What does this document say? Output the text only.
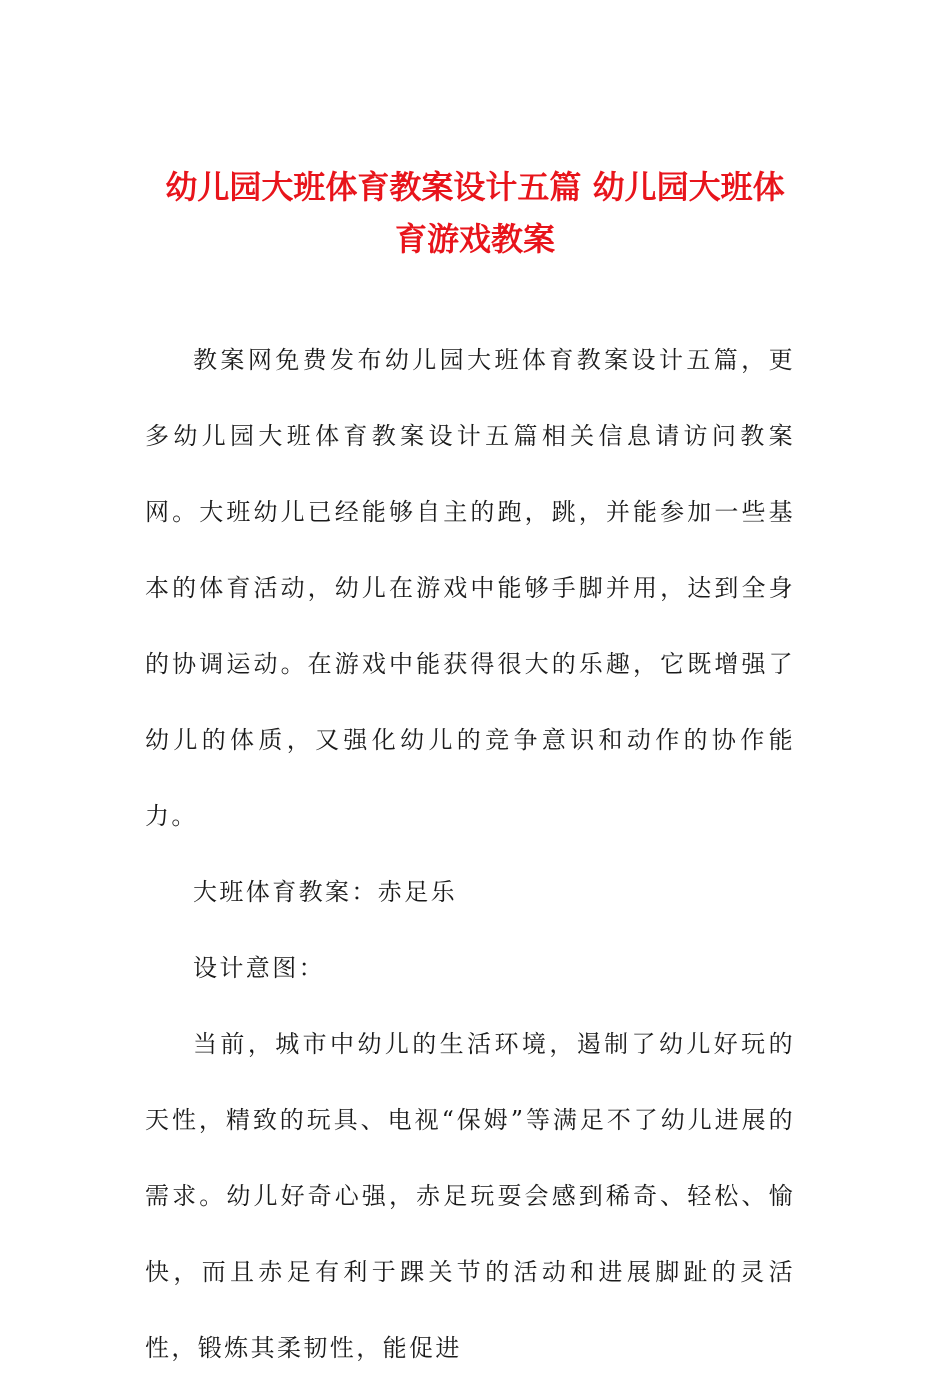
幼儿园大班体育教案设计五篇 幼儿园大班体
育游戏教案

教案网免费发布幼儿园大班体育教案设计五篇，更多幼儿园大班体育教案设计五篇相关信息请访问教案网。大班幼儿已经能够自主的跑，跳，并能参加一些基本的体育活动，幼儿在游戏中能够手脚并用，达到全身的协调运动。在游戏中能获得很大的乐趣，它既增强了幼儿的体质，又强化幼儿的竞争意识和动作的协作能力。

大班体育教案：赤足乐

设计意图：

当前，城市中幼儿的生活环境，遏制了幼儿好玩的天性，精致的玩具、电视“保姆”等满足不了幼儿进展的需求。幼儿好奇心强，赤足玩耍会感到稀奇、轻松、愉快，而且赤足有利于踝关节的活动和进展脚趾的灵活性，锻炼其柔韧性，能促进
